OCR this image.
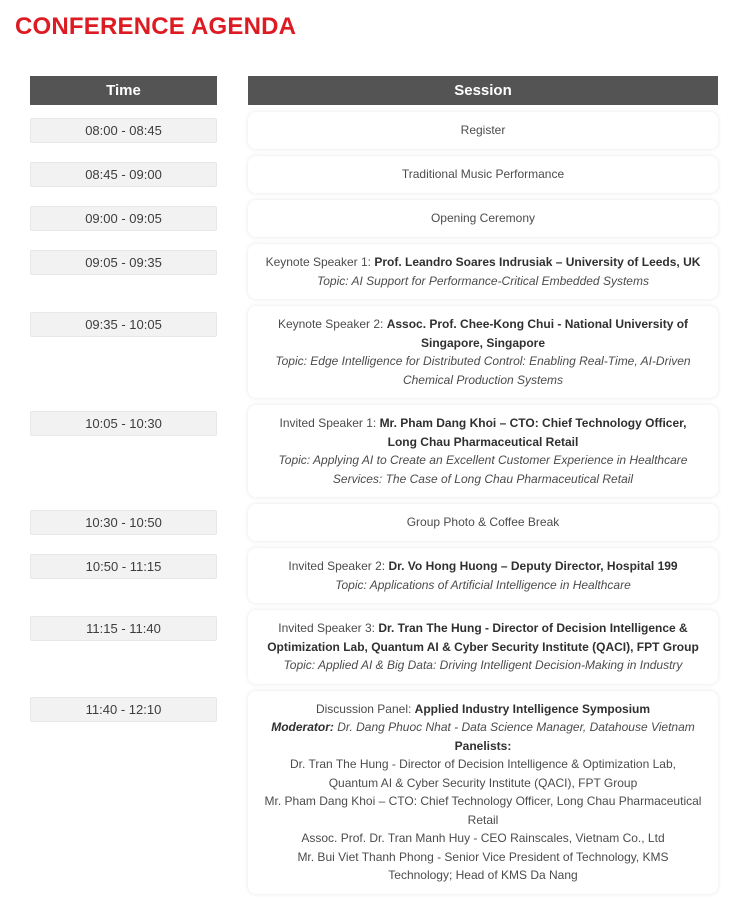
CONFERENCE AGENDA
Time	Session
08:00 - 08:45	Register
08:45 - 09:00	Traditional Music Performance
09:00 - 09:05	Opening Ceremony
09:05 - 09:35	Keynote Speaker 1: Prof. Leandro Soares Indrusiak – University of Leeds, UK
Topic: AI Support for Performance-Critical Embedded Systems
09:35 - 10:05	Keynote Speaker 2: Assoc. Prof. Chee-Kong Chui - National University of Singapore, Singapore
Topic: Edge Intelligence for Distributed Control: Enabling Real-Time, AI-Driven Chemical Production Systems
10:05 - 10:30	Invited Speaker 1: Mr. Pham Dang Khoi – CTO: Chief Technology Officer, Long Chau Pharmaceutical Retail
Topic: Applying AI to Create an Excellent Customer Experience in Healthcare Services: The Case of Long Chau Pharmaceutical Retail
10:30 - 10:50	Group Photo & Coffee Break
10:50 - 11:15	Invited Speaker 2: Dr. Vo Hong Huong – Deputy Director, Hospital 199
Topic: Applications of Artificial Intelligence in Healthcare
11:15 - 11:40	Invited Speaker 3: Dr. Tran The Hung - Director of Decision Intelligence & Optimization Lab, Quantum AI & Cyber Security Institute (QACI), FPT Group
Topic: Applied AI & Big Data: Driving Intelligent Decision-Making in Industry
11:40 - 12:10	Discussion Panel: Applied Industry Intelligence Symposium
Moderator: Dr. Dang Phuoc Nhat - Data Science Manager, Datahouse Vietnam
Panelists:
Dr. Tran The Hung - Director of Decision Intelligence & Optimization Lab, Quantum AI & Cyber Security Institute (QACI), FPT Group
Mr. Pham Dang Khoi – CTO: Chief Technology Officer, Long Chau Pharmaceutical Retail
Assoc. Prof. Dr. Tran Manh Huy - CEO Rainscales, Vietnam Co., Ltd
Mr. Bui Viet Thanh Phong - Senior Vice President of Technology, KMS Technology; Head of KMS Da Nang
